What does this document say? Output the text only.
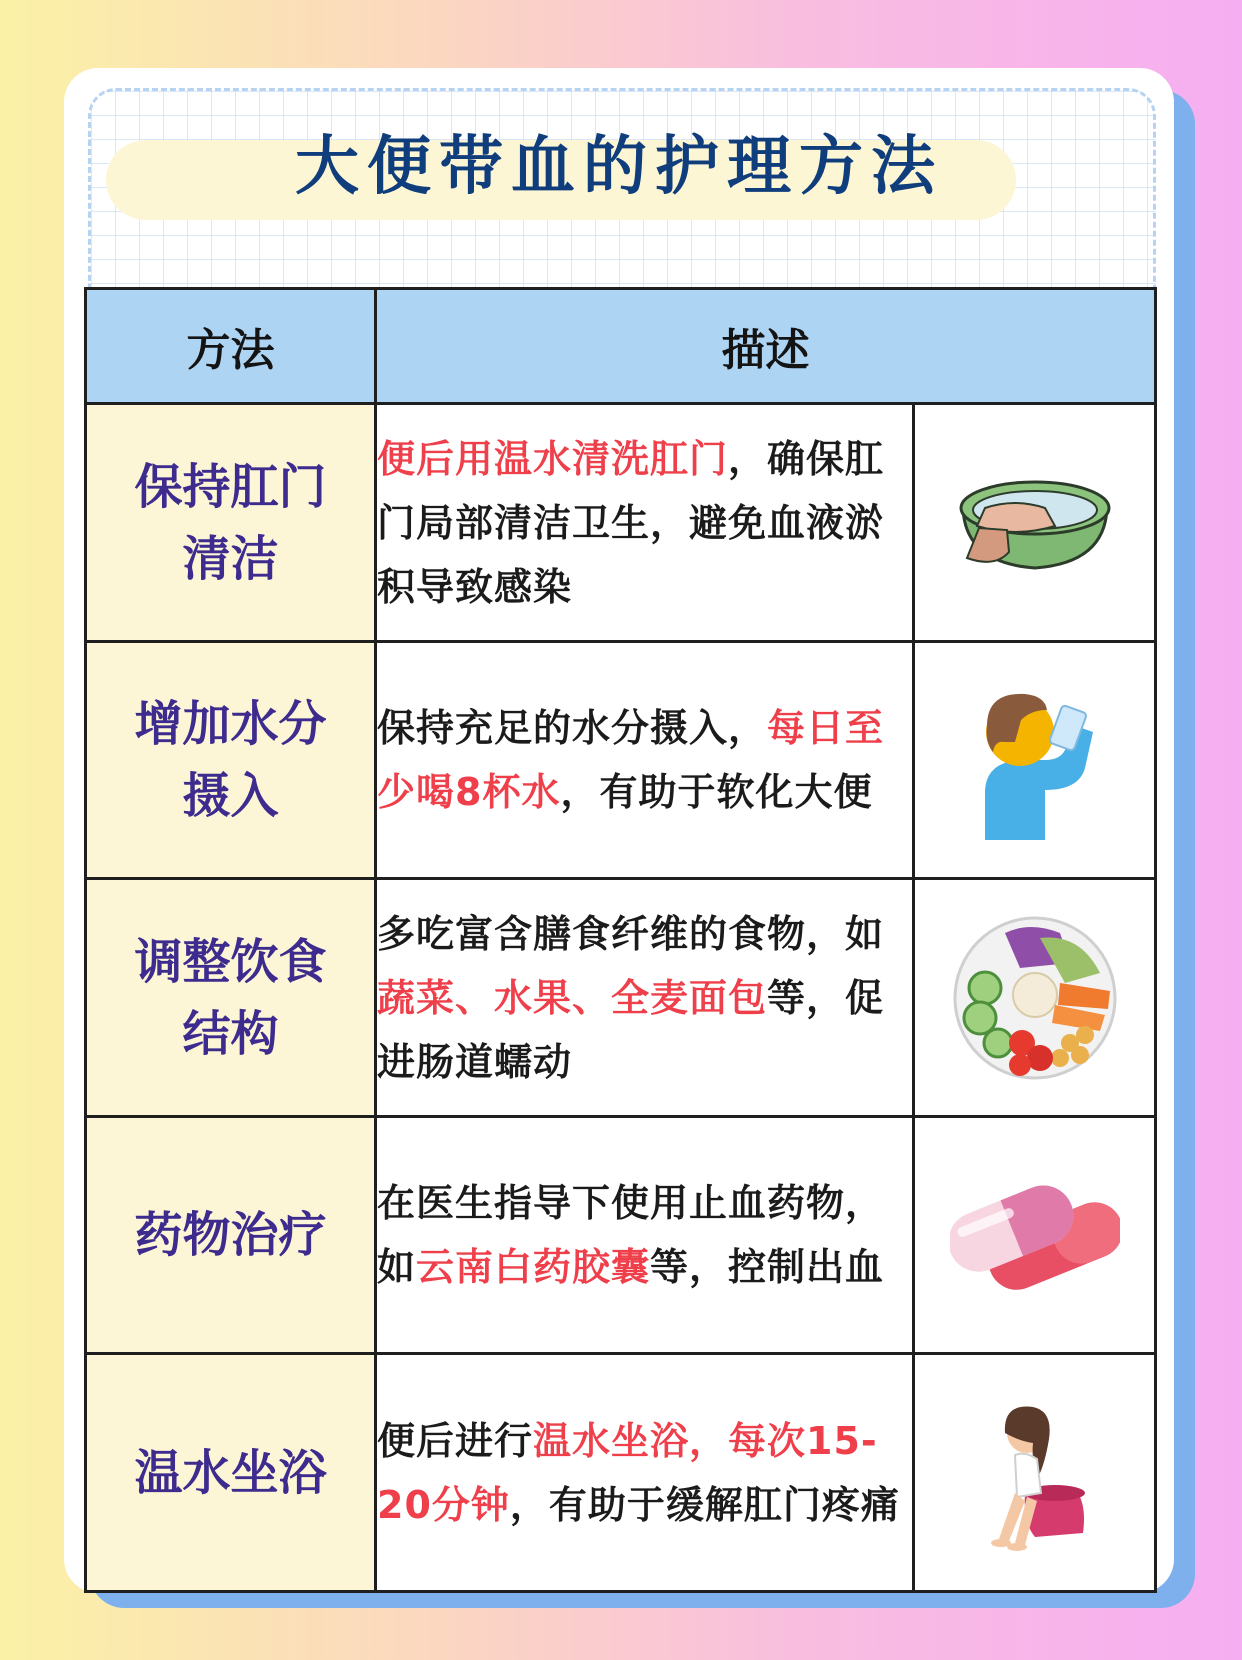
大便带血的护理方法
方法	描述	
保持肛门
清洁	便后用温水清洗肛门，确保肛门局部清洁卫生，避免血液淤积导致感染	

增加水分
摄入	保持充足的水分摄入，每日至少喝8杯水，有助于软化大便	

调整饮食
结构	多吃富含膳食纤维的食物，如蔬菜、水果、全麦面包等，促进肠道蠕动	

药物治疗	在医生指导下使用止血药物，如云南白药胶囊等，控制出血	

温水坐浴	便后进行温水坐浴，每次15-20分钟，有助于缓解肛门疼痛	
